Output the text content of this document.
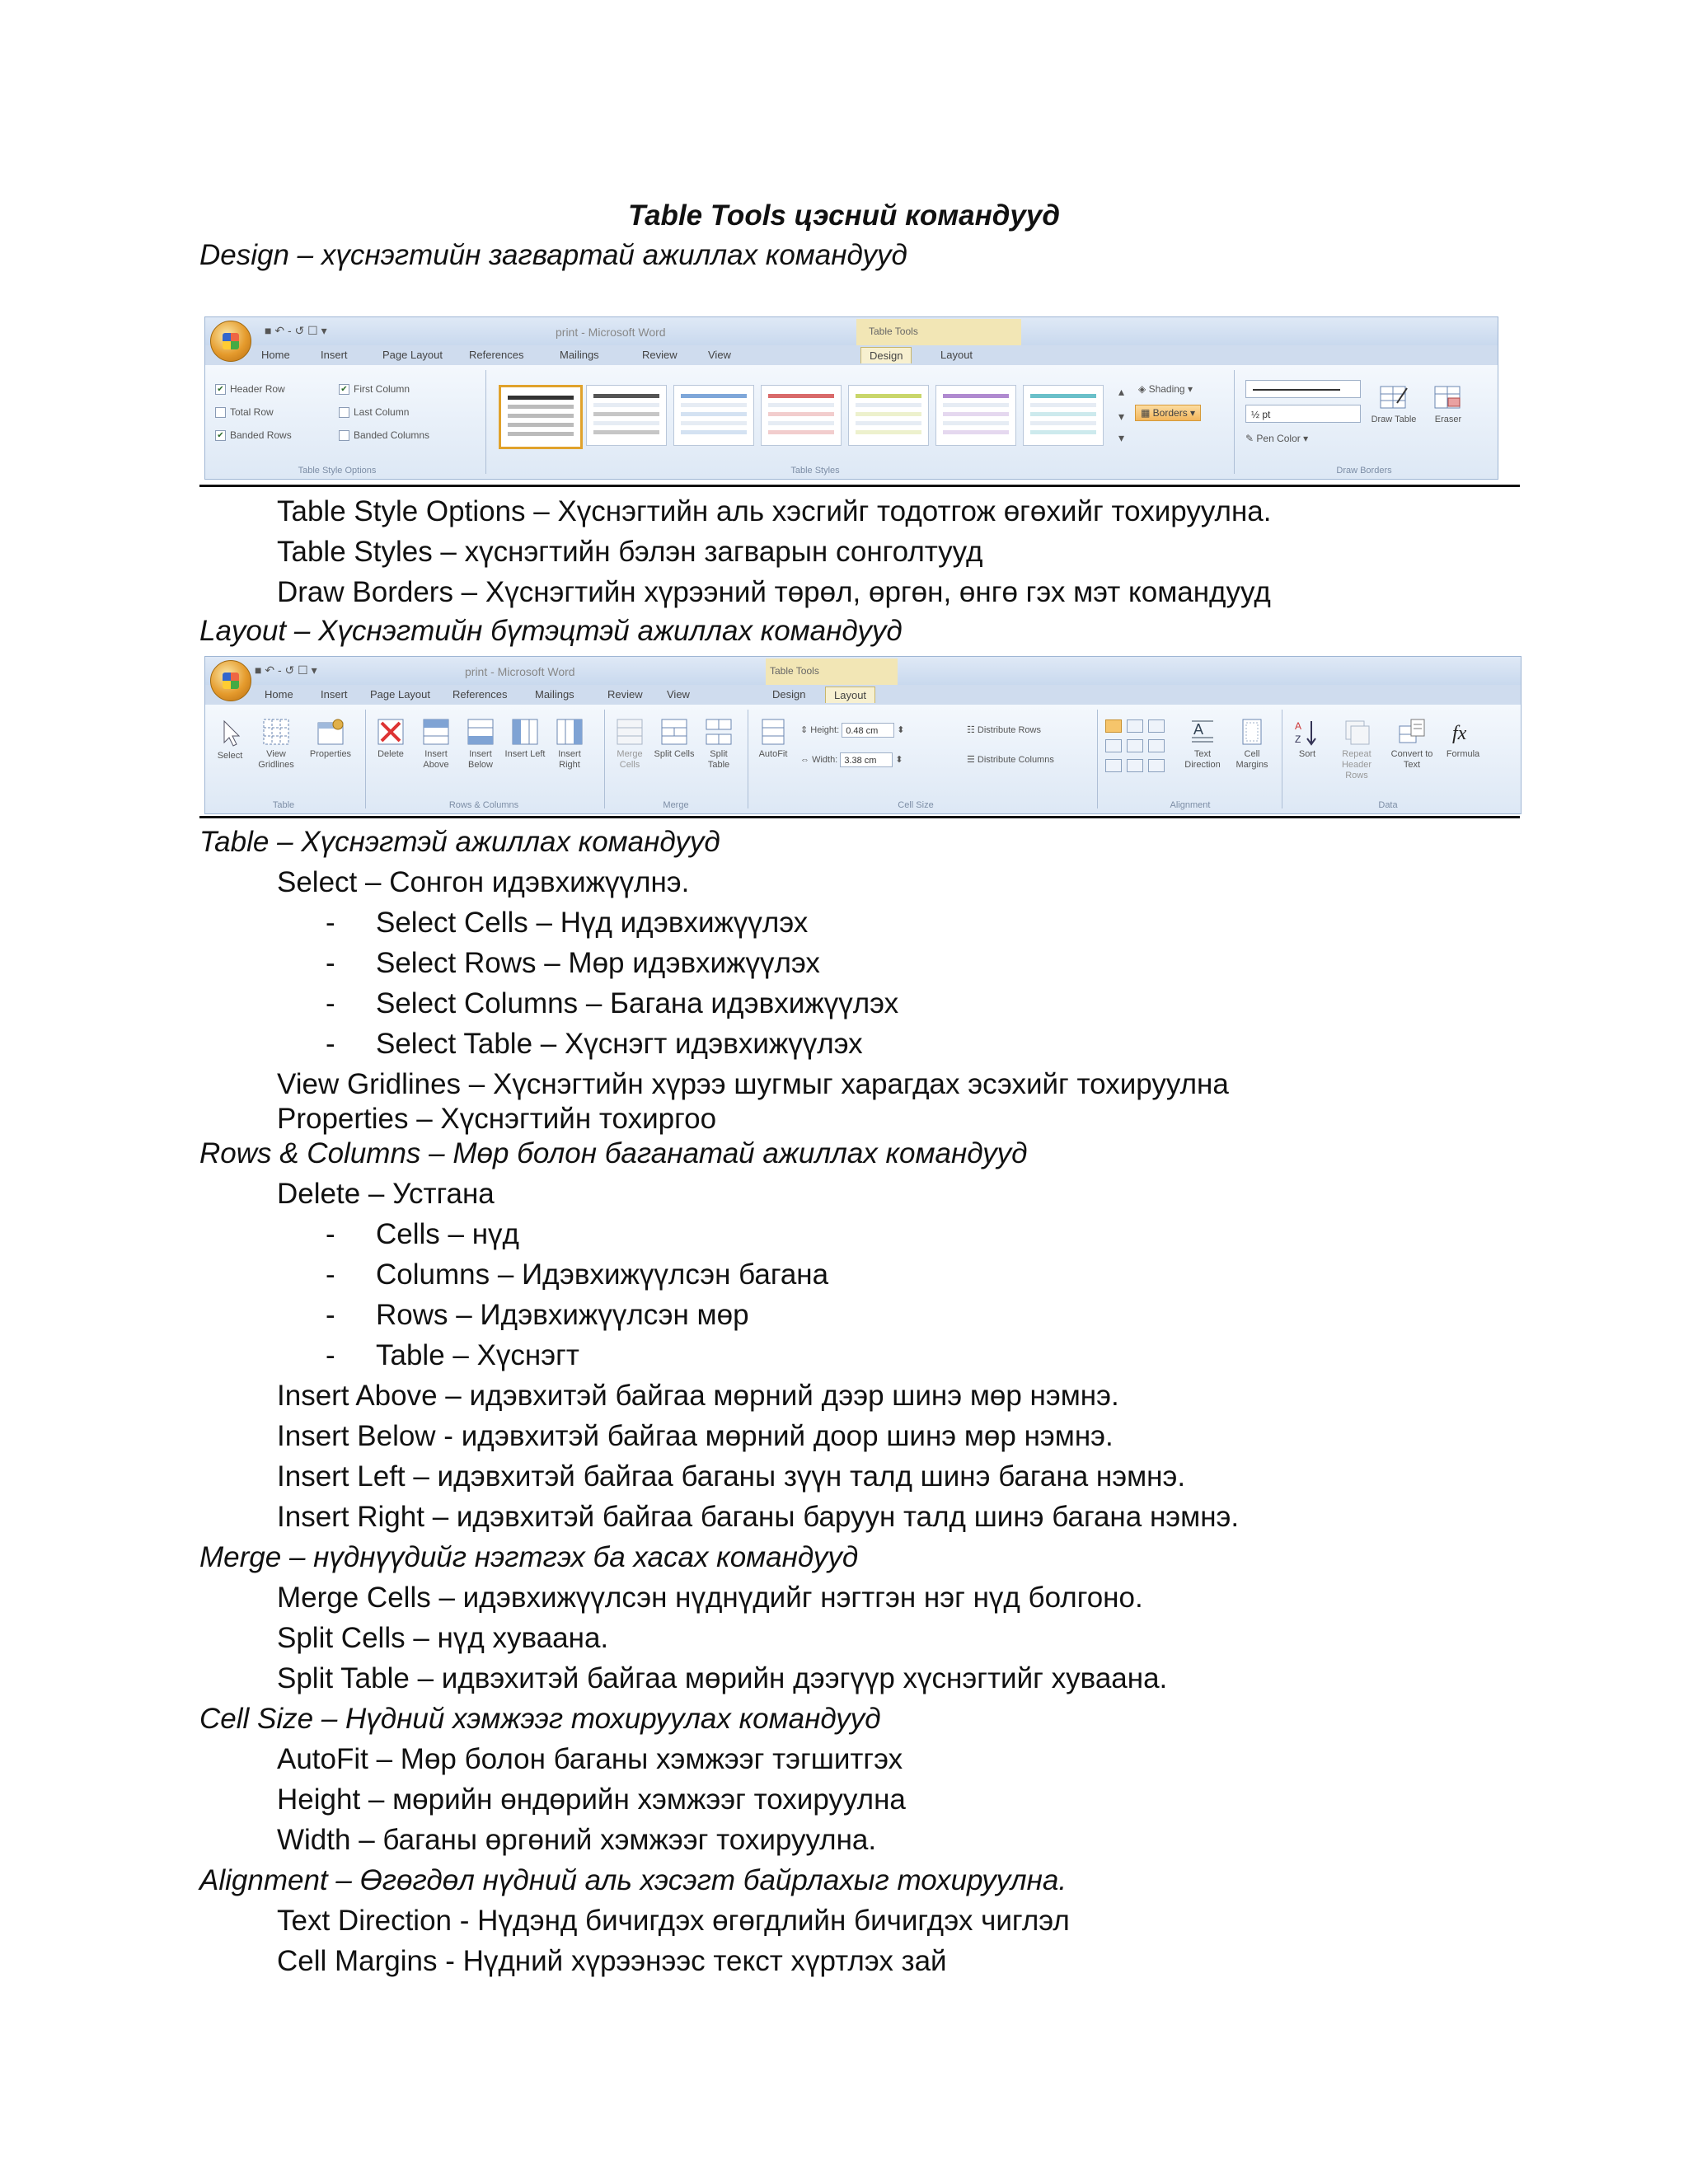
Table Tools цэсний командууд
Design – хүснэгтийн загвартай ажиллах командууд
■ ↶ - ↺ ☐ ▾	print - Microsoft Word	Table Tools
Home	Insert	Page Layout References	Mailings	Review	View	Design	Layout
✔ Header Row	✔ First Column
Total Row	Last Column
✔ Banded Rows	Banded Columns
Table Style Options
▴
▾
▾
Table Styles
◈ Shading ▾
▦ Borders ▾	½ pt
✎ Pen Color ▾
Draw Table	Eraser
Draw Borders
Table Style Options – Хүснэгтийн аль хэсгийг тодотгож өгөхийг тохируулна.
Table Styles – хүснэгтийн бэлэн загварын сонголтууд
Draw Borders – Хүснэгтийн хүрээний төрөл, өргөн, өнгө гэх мэт командууд
Layout – Хүснэгтийн бүтэцтэй ажиллах командууд
■ ↶ - ↺ ☐ ▾	print - Microsoft Word	Table Tools
Home	Insert Page Layout References	Mailings	Review View	Design	Layout
Select	View Gridlines
Properties
Table
Delete	Insert Above
Insert Below
Insert Left	Insert Right
Rows & Columns
Merge Cells
Split Cells	Split Table
Merge
AutoFit
⇕ Height: 0.48 cm ⬍
⇔ Width: 3.38 cm ⬍
☷ Distribute Rows
☰ Distribute Columns
Cell Size
A
Text Direction
Cell Margins
Alignment
A
Z
Sort	Repeat Header Rows
Convert to Text
fx
Formula
Data
Table – Хүснэгтэй ажиллах командууд
Select – Сонгон идэвхижүүлнэ.
- Select Cells – Нүд идэвхижүүлэх
- Select Rows – Мөр идэвхижүүлэх
- Select Columns – Багана идэвхижүүлэх
- Select Table – Хүснэгт идэвхижүүлэх
View Gridlines – Хүснэгтийн хүрээ шугмыг харагдах эсэхийг тохируулна
Properties – Хүснэгтийн тохиргоо
Rows & Columns – Мөр болон баганатай ажиллах командууд
Delete – Устгана
- Cells – нүд
- Columns – Идэвхижүүлсэн багана
- Rows – Идэвхижүүлсэн мөр
- Table – Хүснэгт
Insert Above – идэвхитэй байгаа мөрний дээр шинэ мөр нэмнэ.
Insert Below - идэвхитэй байгаа мөрний доор шинэ мөр нэмнэ.
Insert Left – идэвхитэй байгаа баганы зүүн талд шинэ багана нэмнэ.
Insert Right – идэвхитэй байгаа баганы баруун талд шинэ багана нэмнэ.
Merge – нүднүүдийг нэгтгэх ба хасах командууд
Merge Cells – идэвхижүүлсэн нүднүдийг нэгтгэн нэг нүд болгоно.
Split Cells – нүд хуваана.
Split Table – идвэхитэй байгаа мөрийн дээгүүр хүснэгтийг хуваана.
Cell Size – Нүдний хэмжээг тохируулах командууд
AutoFit – Мөр болон баганы хэмжээг тэгшитгэх
Height – мөрийн өндөрийн хэмжээг тохируулна
Width – баганы өргөний хэмжээг тохируулна.
Alignment – Өгөгдөл нүдний аль хэсэгт байрлахыг тохируулна.
Text Direction - Нүдэнд бичигдэх өгөгдлийн бичигдэх чиглэл
Cell Margins - Нүдний хүрээнээс текст хүртлэх зай
